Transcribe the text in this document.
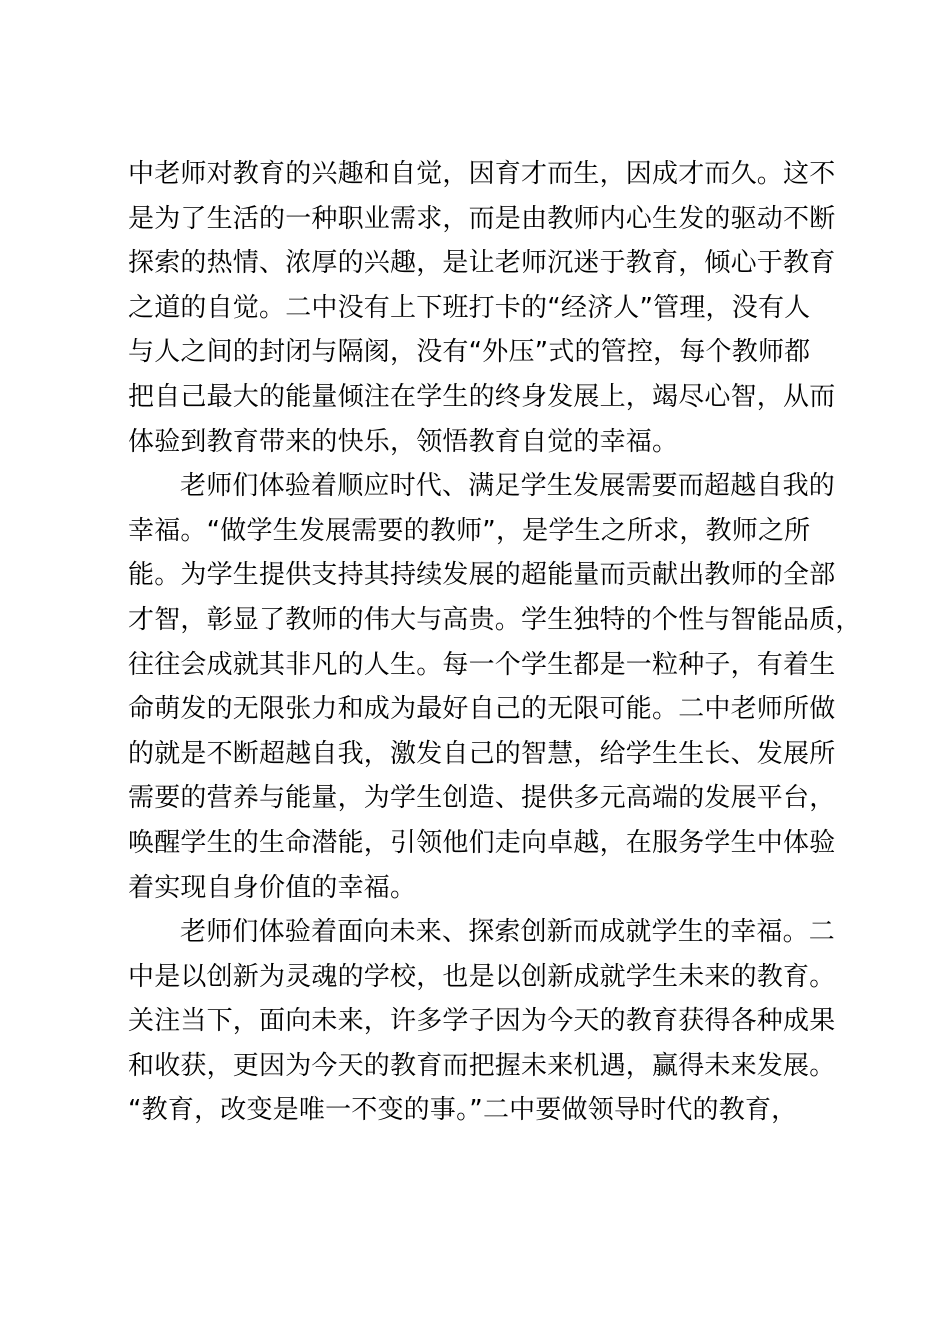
中老师对教育的兴趣和自觉，因育才而生，因成才而久。这不
是为了生活的一种职业需求，而是由教师内心生发的驱动不断
探索的热情、浓厚的兴趣，是让老师沉迷于教育，倾心于教育
之道的自觉。二中没有上下班打卡的“经济人”管理，没有人
与人之间的封闭与隔阂，没有“外压”式的管控，每个教师都
把自己最大的能量倾注在学生的终身发展上，竭尽心智，从而
体验到教育带来的快乐，领悟教育自觉的幸福。
老师们体验着顺应时代、满足学生发展需要而超越自我的
幸福。“做学生发展需要的教师”，是学生之所求，教师之所
能。为学生提供支持其持续发展的超能量而贡献出教师的全部
才智，彰显了教师的伟大与高贵。学生独特的个性与智能品质，
往往会成就其非凡的人生。每一个学生都是一粒种子，有着生
命萌发的无限张力和成为最好自己的无限可能。二中老师所做
的就是不断超越自我，激发自己的智慧，给学生生长、发展所
需要的营养与能量，为学生创造、提供多元高端的发展平台，
唤醒学生的生命潜能，引领他们走向卓越，在服务学生中体验
着实现自身价值的幸福。
老师们体验着面向未来、探索创新而成就学生的幸福。二
中是以创新为灵魂的学校，也是以创新成就学生未来的教育。
关注当下，面向未来，许多学子因为今天的教育获得各种成果
和收获，更因为今天的教育而把握未来机遇，赢得未来发展。
“教育，改变是唯一不变的事。”二中要做领导时代的教育，
